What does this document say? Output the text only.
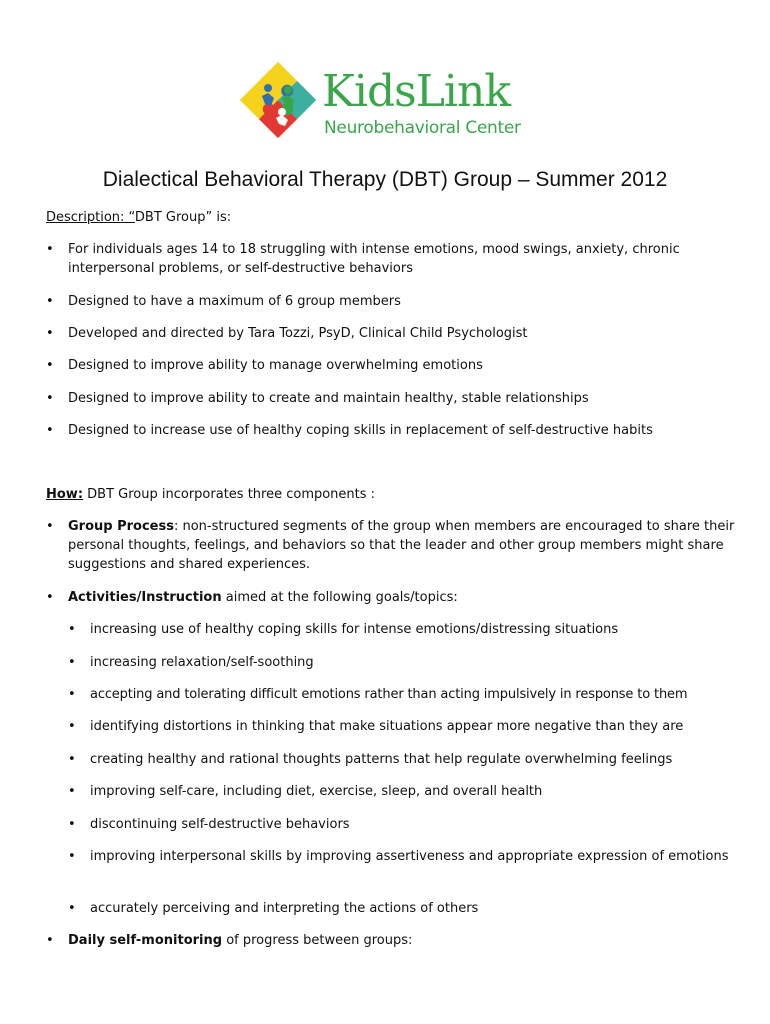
KidsLink
Neurobehavioral Center
Dialectical Behavioral Therapy (DBT) Group – Summer 2012
Description: “DBT Group” is:
• For individuals ages 14 to 18 struggling with intense emotions, mood swings, anxiety, chronic interpersonal problems, or self-destructive behaviors
• Designed to have a maximum of 6 group members
• Developed and directed by Tara Tozzi, PsyD, Clinical Child Psychologist
• Designed to improve ability to manage overwhelming emotions
• Designed to improve ability to create and maintain healthy, stable relationships
• Designed to increase use of healthy coping skills in replacement of self-destructive habits
How: DBT Group incorporates three components :
• Group Process: non-structured segments of the group when members are encouraged to share their personal thoughts, feelings, and behaviors so that the leader and other group members might share suggestions and shared experiences.
• Activities/Instruction aimed at the following goals/topics:
• increasing use of healthy coping skills for intense emotions/distressing situations
• increasing relaxation/self-soothing
• accepting and tolerating difficult emotions rather than acting impulsively in response to them
• identifying distortions in thinking that make situations appear more negative than they are
• creating healthy and rational thoughts patterns that help regulate overwhelming feelings
• improving self-care, including diet, exercise, sleep, and overall health
• discontinuing self-destructive behaviors
• improving interpersonal skills by improving assertiveness and appropriate expression of emotions
• accurately perceiving and interpreting the actions of others
• Daily self-monitoring of progress between groups:
